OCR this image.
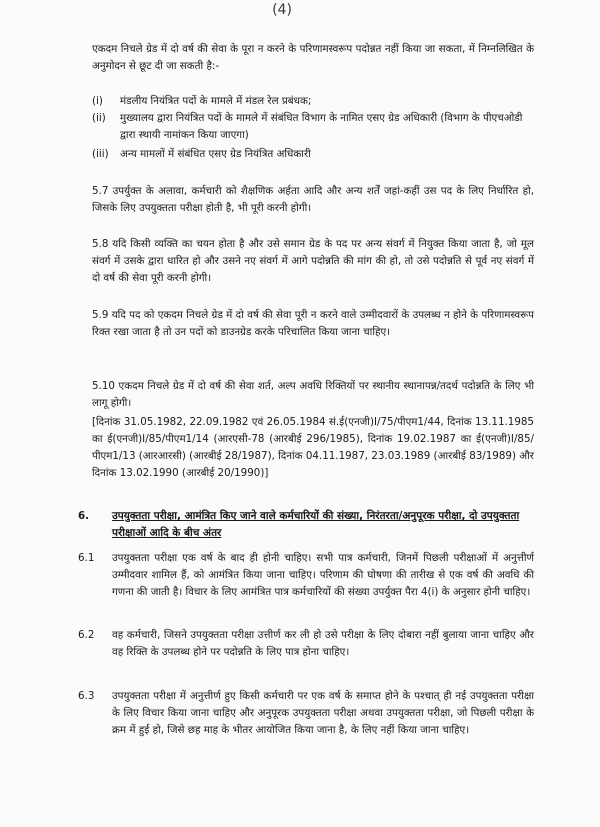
(4)
एकदम निचले ग्रेड में दो वर्ष की सेवा के पूरा न करने के परिणामस्वरूप पदोन्नत नहीं किया जा सकता, में निम्नलिखित के अनुमोदन से छूट दी जा सकती है:-
(i) मंडलीय नियंत्रित पदों के मामले में मंडल रेल प्रबंधक;
(ii) मुख्यालय द्वारा नियंत्रित पदों के मामले में संबंधित विभाग के नामित एसए ग्रेड अधिकारी (विभाग के पीएचओडी द्वारा स्थायी नामांकन किया जाएगा)
(iii) अन्य मामलों में संबंधित एसए ग्रेड नियंत्रित अधिकारी
5.7 उपर्युक्त के अलावा, कर्मचारी को शैक्षणिक अर्हता आदि और अन्य शर्तें जहां-कहीं उस पद के लिए निर्धारित हो, जिसके लिए उपयुक्तता परीक्षा होती है, भी पूरी करनी होगी।
5.8 यदि किसी व्यक्ति का चयन होता है और उसे समान ग्रेड के पद पर अन्य संवर्ग में नियुक्त किया जाता है, जो मूल संवर्ग में उसके द्वारा धारित हो और उसने नए संवर्ग में आगे पदोन्नति की मांग की हो, तो उसे पदोन्नति से पूर्व नए संवर्ग में दो वर्ष की सेवा पूरी करनी होगी।
5.9 यदि पद को एकदम निचले ग्रेड में दो वर्ष की सेवा पूरी न करने वाले उम्मीदवारों के उपलब्ध न होने के परिणामस्वरूप रिक्त रखा जाता है तो उन पदों को डाउनग्रेड करके परिचालित किया जाना चाहिए।
5.10 एकदम निचले ग्रेड में दो वर्ष की सेवा शर्त, अल्प अवधि रिक्तियों पर स्थानीय स्थानापन्न/तदर्थ पदोन्नति के लिए भी लागू होगी।
[दिनांक 31.05.1982, 22.09.1982 एवं 26.05.1984 सं.ई(एनजी)I/75/पीएम1/44, दिनांक 13.11.1985 का ई(एनजी)I/85/पीएम1/14 (आरएसी-78 (आरबीई 296/1985), दिनांक 19.02.1987 का ई(एनजी)I/85/पीएम1/13 (आरआरसी) (आरबीई 28/1987), दिनांक 04.11.1987, 23.03.1989 (आरबीई 83/1989) और दिनांक 13.02.1990 (आरबीई 20/1990)]
6. उपयुक्तता परीक्षा, आमंत्रित किए जाने वाले कर्मचारियों की संख्या, निरंतरता/अनुपूरक परीक्षा, दो उपयुक्तता परीक्षाओं आदि के बीच अंतर
6.1 उपयुक्तता परीक्षा एक वर्ष के बाद ही होनी चाहिए। सभी पात्र कर्मचारी, जिनमें पिछली परीक्षाओं में अनुत्तीर्ण उम्मीदवार शामिल हैं, को आमंत्रित किया जाना चाहिए। परिणाम की घोषणा की तारीख से एक वर्ष की अवधि की गणना की जाती है। विचार के लिए आमंत्रित पात्र कर्मचारियों की संख्या उपर्युक्त पैरा 4(i) के अनुसार होनी चाहिए।
6.2 वह कर्मचारी, जिसने उपयुक्तता परीक्षा उत्तीर्ण कर ली हो उसे परीक्षा के लिए दोबारा नहीं बुलाया जाना चाहिए और वह रिक्ति के उपलब्ध होने पर पदोन्नति के लिए पात्र होना चाहिए।
6.3 उपयुक्तता परीक्षा में अनुत्तीर्ण हुए किसी कर्मचारी पर एक वर्ष के समाप्त होने के पश्चात् ही नई उपयुक्तता परीक्षा के लिए विचार किया जाना चाहिए और अनुपूरक उपयुक्तता परीक्षा अथवा उपयुक्तता परीक्षा, जो पिछली परीक्षा के क्रम में हुई हो, जिसे छह माह के भीतर आयोजित किया जाना है, के लिए नहीं किया जाना चाहिए।
